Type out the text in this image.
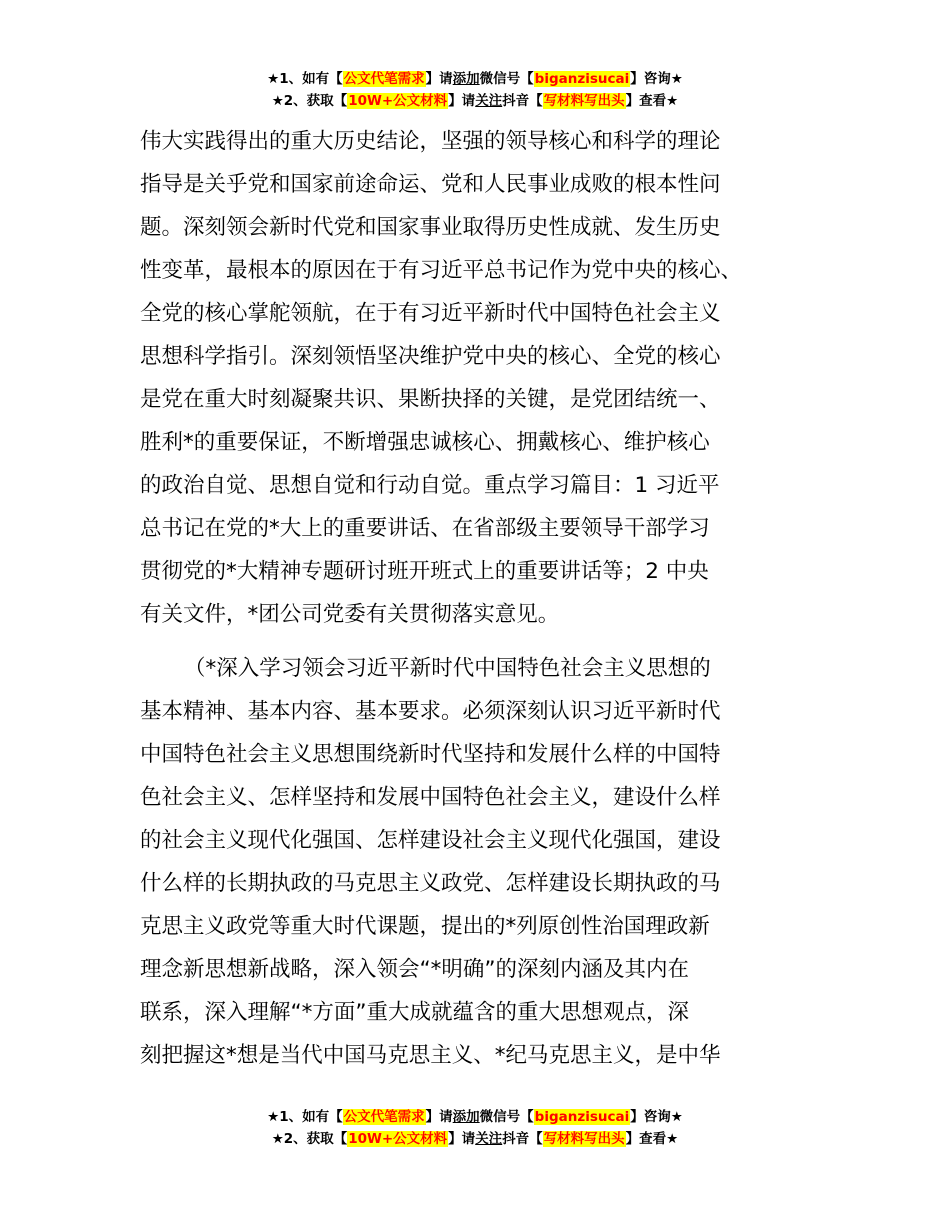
★1、如有【公文代笔需求】请添加微信号【biganzisucai】咨询★
★2、获取【10W+公文材料】请关注抖音【写材料写出头】查看★
伟大实践得出的重大历史结论，坚强的领导核心和科学的理论
指导是关乎党和国家前途命运、党和人民事业成败的根本性问
题。深刻领会新时代党和国家事业取得历史性成就、发生历史
性变革，最根本的原因在于有习近平总书记作为党中央的核心、
全党的核心掌舵领航，在于有习近平新时代中国特色社会主义
思想科学指引。深刻领悟坚决维护党中央的核心、全党的核心
是党在重大时刻凝聚共识、果断抉择的关键，是党团结统一、
胜利*的重要保证，不断增强忠诚核心、拥戴核心、维护核心
的政治自觉、思想自觉和行动自觉。重点学习篇目：1 习近平
总书记在党的*大上的重要讲话、在省部级主要领导干部学习
贯彻党的*大精神专题研讨班开班式上的重要讲话等；2 中央
有关文件，*团公司党委有关贯彻落实意见。
（*深入学习领会习近平新时代中国特色社会主义思想的
基本精神、基本内容、基本要求。必须深刻认识习近平新时代
中国特色社会主义思想围绕新时代坚持和发展什么样的中国特
色社会主义、怎样坚持和发展中国特色社会主义，建设什么样
的社会主义现代化强国、怎样建设社会主义现代化强国，建设
什么样的长期执政的马克思主义政党、怎样建设长期执政的马
克思主义政党等重大时代课题，提出的*列原创性治国理政新
理念新思想新战略，深入领会“*明确”的深刻内涵及其内在
联系，深入理解“*方面”重大成就蕴含的重大思想观点，深
刻把握这*想是当代中国马克思主义、*纪马克思主义，是中华
★1、如有【公文代笔需求】请添加微信号【biganzisucai】咨询★
★2、获取【10W+公文材料】请关注抖音【写材料写出头】查看★
